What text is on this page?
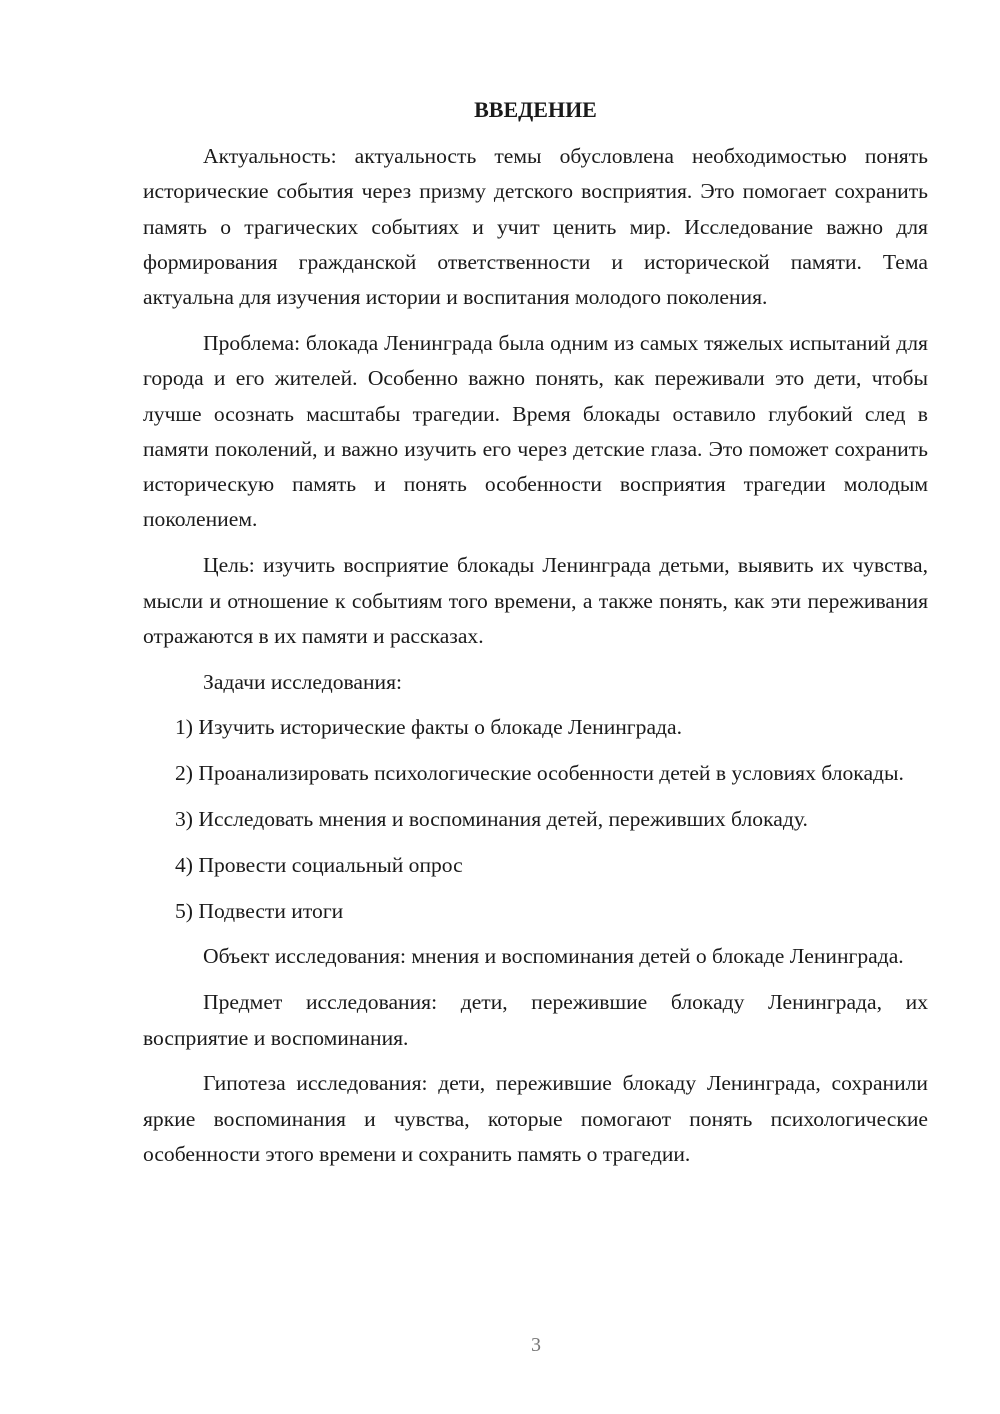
ВВЕДЕНИЕ

Актуальность: актуальность темы обусловлена необходимостью понять исторические события через призму детского восприятия. Это помогает сохранить память о трагических событиях и учит ценить мир. Исследование важно для формирования гражданской ответственности и исторической памяти. Тема актуальна для изучения истории и воспитания молодого поколения.

Проблема: блокада Ленинграда была одним из самых тяжелых испытаний для города и его жителей. Особенно важно понять, как переживали это дети, чтобы лучше осознать масштабы трагедии. Время блокады оставило глубокий след в памяти поколений, и важно изучить его через детские глаза. Это поможет сохранить историческую память и понять особенности восприятия трагедии молодым поколением.

Цель: изучить восприятие блокады Ленинграда детьми, выявить их чувства, мысли и отношение к событиям того времени, а также понять, как эти переживания отражаются в их памяти и рассказах.

Задачи исследования:

1) Изучить исторические факты о блокаде Ленинграда.

2) Проанализировать психологические особенности детей в условиях блокады.

3) Исследовать мнения и воспоминания детей, переживших блокаду.

4) Провести социальный опрос

5) Подвести итоги

Объект исследования: мнения и воспоминания детей о блокаде Ленинграда.

Предмет исследования: дети, пережившие блокаду Ленинграда, их восприятие и воспоминания.

Гипотеза исследования: дети, пережившие блокаду Ленинграда, сохранили яркие воспоминания и чувства, которые помогают понять психологические особенности этого времени и сохранить память о трагедии.

3
